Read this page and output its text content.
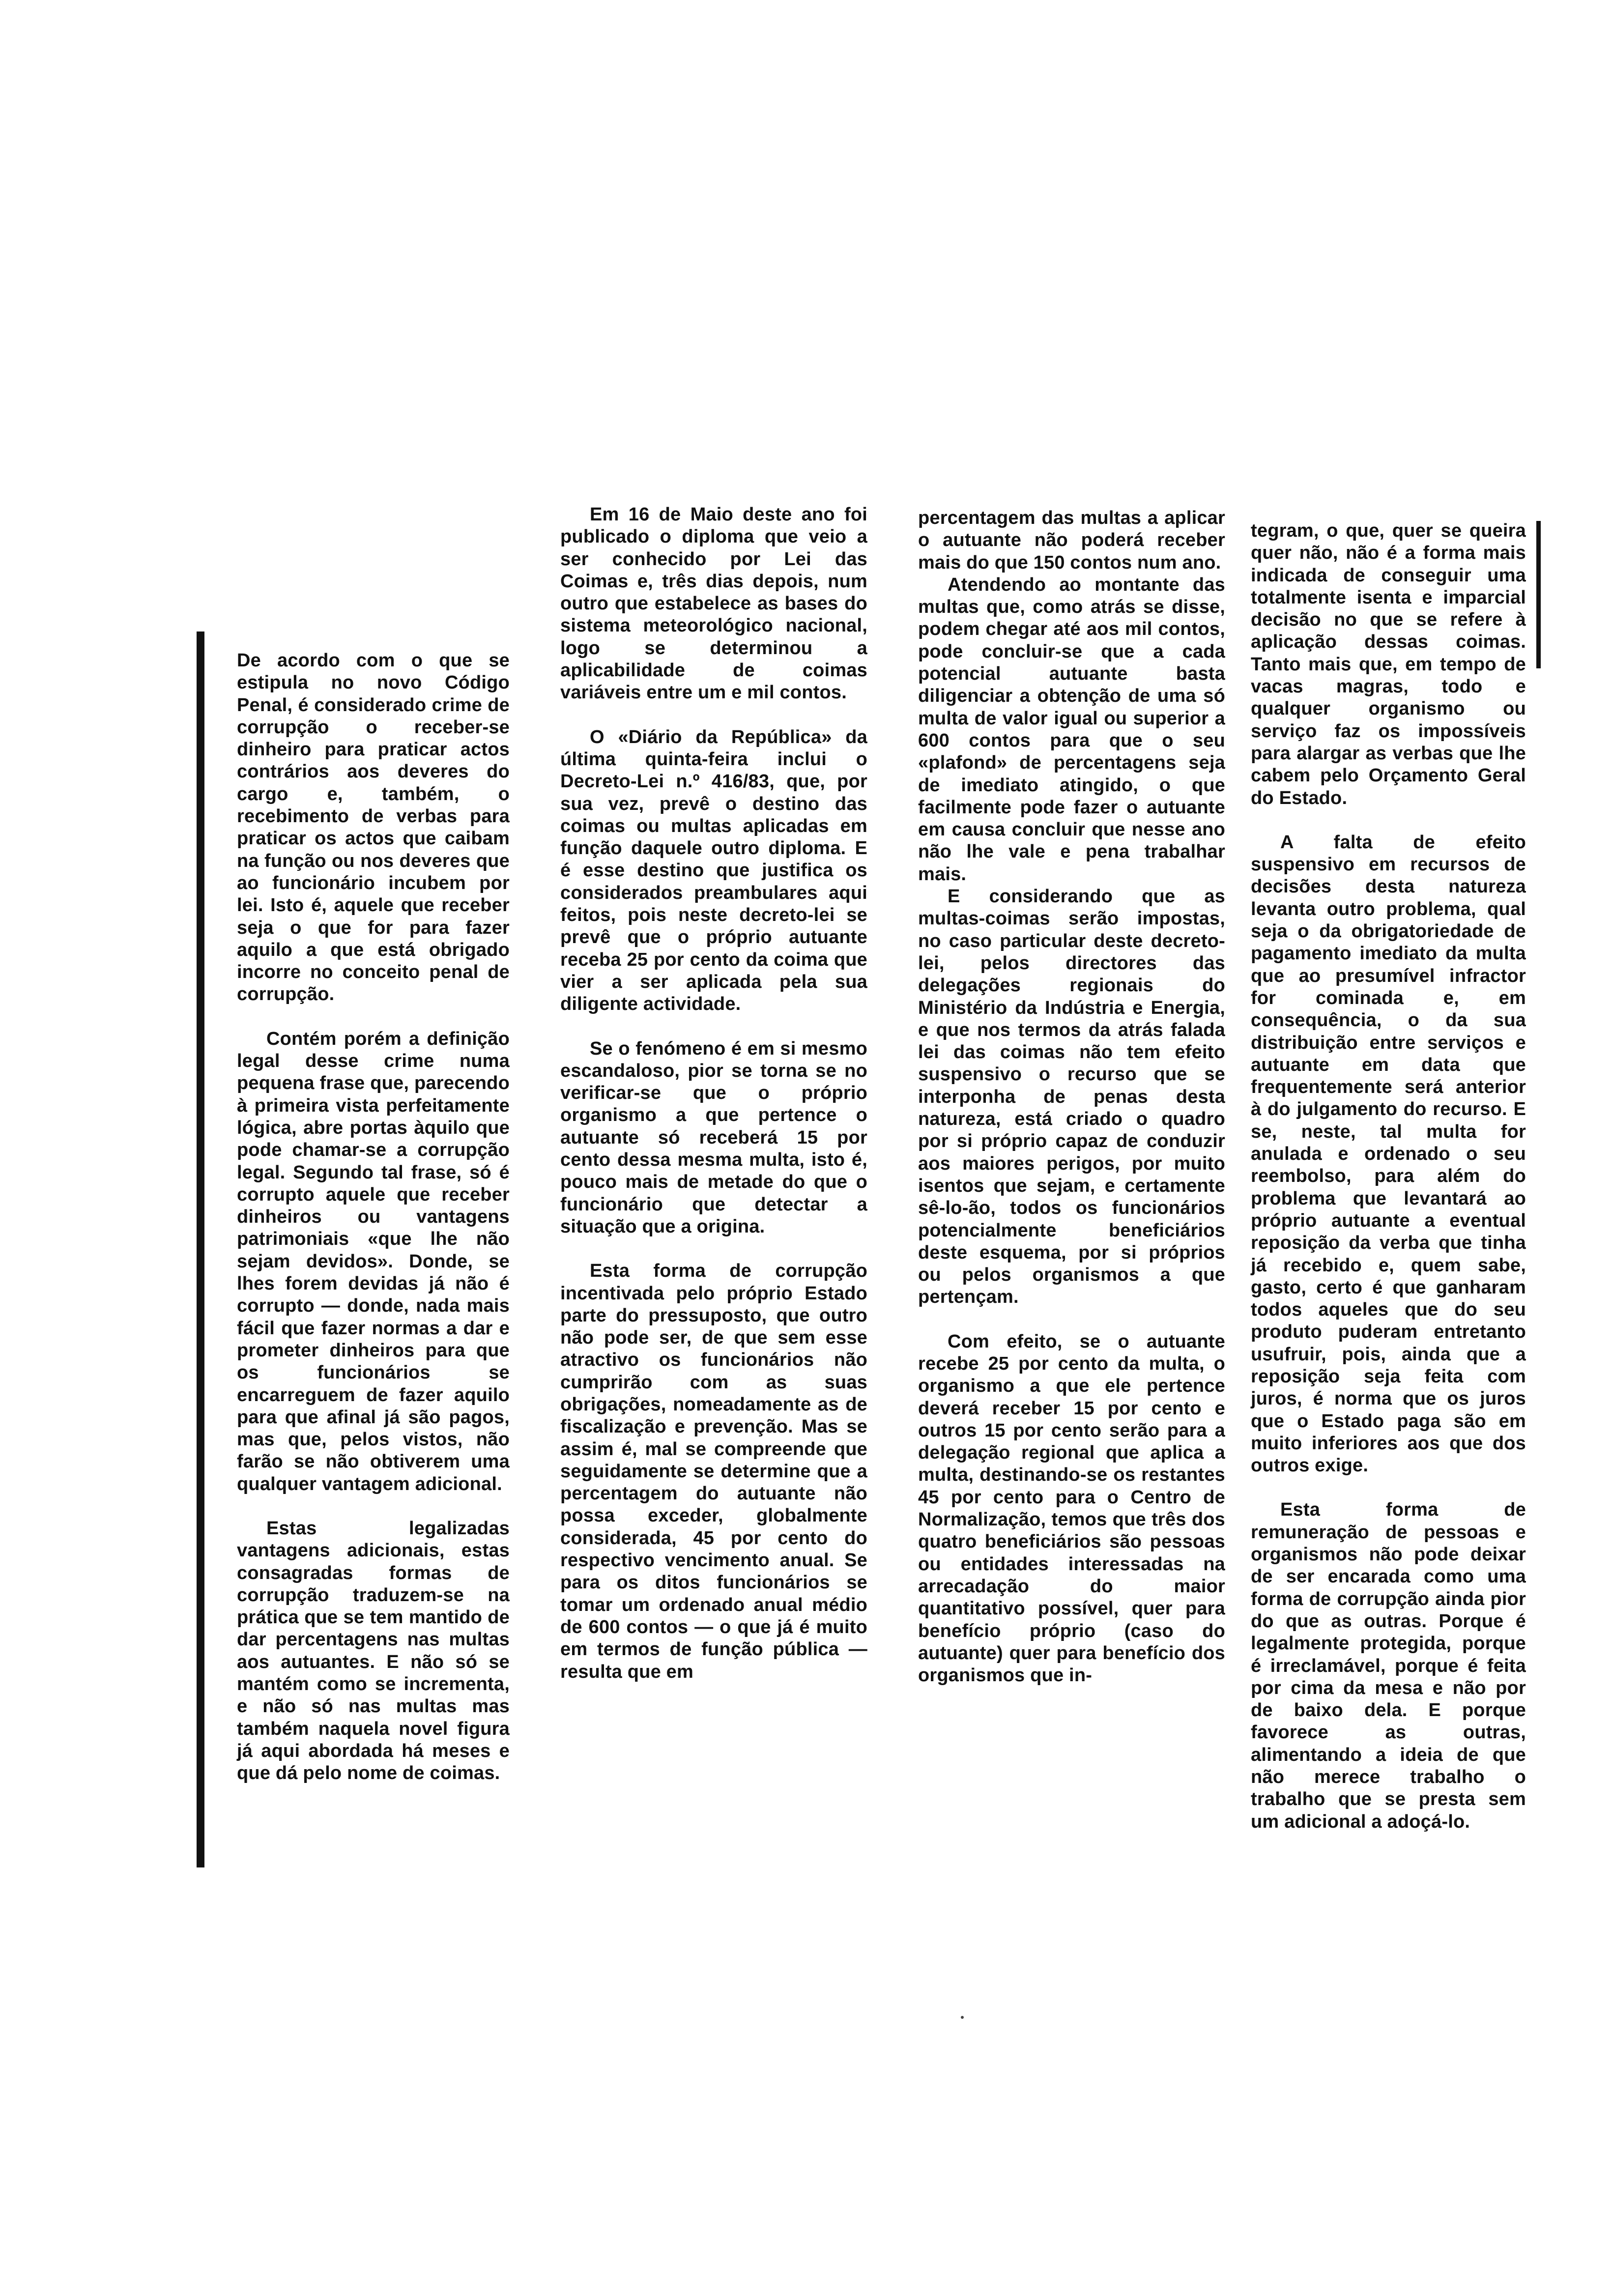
De acordo com o que se estipula no novo Código Penal, é considerado crime de corrupção o receber-se dinheiro para praticar actos contrários aos deveres do cargo e, também, o recebimento de verbas para praticar os actos que caibam na função ou nos deveres que ao funcionário incubem por lei. Isto é, aquele que receber seja o que for para fazer aquilo a que está obrigado incorre no conceito penal de corrupção.

Contém porém a definição legal desse crime numa pequena frase que, parecendo à primeira vista perfeitamente lógica, abre portas àquilo que pode chamar-se a corrupção legal. Segundo tal frase, só é corrupto aquele que receber dinheiros ou vantagens patrimoniais «que lhe não sejam devidos». Donde, se lhes forem devidas já não é corrupto — donde, nada mais fácil que fazer normas a dar e prometer dinheiros para que os funcionários se encarreguem de fazer aquilo para que afinal já são pagos, mas que, pelos vistos, não farão se não obtiverem uma qualquer vantagem adicional.

Estas legalizadas vantagens adicionais, estas consagradas formas de corrupção traduzem-se na prática que se tem mantido de dar percentagens nas multas aos autuantes. E não só se mantém como se incrementa, e não só nas multas mas também naquela novel figura já aqui abordada há meses e que dá pelo nome de coimas.

Em 16 de Maio deste ano foi publicado o diploma que veio a ser conhecido por Lei das Coimas e, três dias depois, num outro que estabelece as bases do sistema meteorológico nacional, logo se determinou a aplicabilidade de coimas variáveis entre um e mil contos.

O «Diário da República» da última quinta-feira inclui o Decreto-Lei n.º 416/83, que, por sua vez, prevê o destino das coimas ou multas aplicadas em função daquele outro diploma. E é esse destino que justifica os considerados preambulares aqui feitos, pois neste decreto-lei se prevê que o próprio autuante receba 25 por cento da coima que vier a ser aplicada pela sua diligente actividade.

Se o fenómeno é em si mesmo escandaloso, pior se torna se no verificar-se que o próprio organismo a que pertence o autuante só receberá 15 por cento dessa mesma multa, isto é, pouco mais de metade do que o funcionário que detectar a situação que a origina.

Esta forma de corrupção incentivada pelo próprio Estado parte do pressuposto, que outro não pode ser, de que sem esse atractivo os funcionários não cumprirão com as suas obrigações, nomeadamente as de fiscalização e prevenção. Mas se assim é, mal se compreende que seguidamente se determine que a percentagem do autuante não possa exceder, globalmente considerada, 45 por cento do respectivo vencimento anual. Se para os ditos funcionários se tomar um ordenado anual médio de 600 contos — o que já é muito em termos de função pública — resulta que em

percentagem das multas a aplicar o autuante não poderá receber mais do que 150 contos num ano.

Atendendo ao montante das multas que, como atrás se disse, podem chegar até aos mil contos, pode concluir-se que a cada potencial autuante basta diligenciar a obtenção de uma só multa de valor igual ou superior a 600 contos para que o seu «plafond» de percentagens seja de imediato atingido, o que facilmente pode fazer o autuante em causa concluir que nesse ano não lhe vale e pena trabalhar mais.

E considerando que as multas-coimas serão impostas, no caso particular deste decreto-lei, pelos directores das delegações regionais do Ministério da Indústria e Energia, e que nos termos da atrás falada lei das coimas não tem efeito suspensivo o recurso que se interponha de penas desta natureza, está criado o quadro por si próprio capaz de conduzir aos maiores perigos, por muito isentos que sejam, e certamente sê-lo-ão, todos os funcionários potencialmente beneficiários deste esquema, por si próprios ou pelos organismos a que pertençam.

Com efeito, se o autuante recebe 25 por cento da multa, o organismo a que ele pertence deverá receber 15 por cento e outros 15 por cento serão para a delegação regional que aplica a multa, destinando-se os restantes 45 por cento para o Centro de Normalização, temos que três dos quatro beneficiários são pessoas ou entidades interessadas na arrecadação do maior quantitativo possível, quer para benefício próprio (caso do autuante) quer para benefício dos organismos que in-

tegram, o que, quer se queira quer não, não é a forma mais indicada de conseguir uma totalmente isenta e imparcial decisão no que se refere à aplicação dessas coimas. Tanto mais que, em tempo de vacas magras, todo e qualquer organismo ou serviço faz os impossíveis para alargar as verbas que lhe cabem pelo Orçamento Geral do Estado.

A falta de efeito suspensivo em recursos de decisões desta natureza levanta outro problema, qual seja o da obrigatoriedade de pagamento imediato da multa que ao presumível infractor for cominada e, em consequência, o da sua distribuição entre serviços e autuante em data que frequentemente será anterior à do julgamento do recurso. E se, neste, tal multa for anulada e ordenado o seu reembolso, para além do problema que levantará ao próprio autuante a eventual reposição da verba que tinha já recebido e, quem sabe, gasto, certo é que ganharam todos aqueles que do seu produto puderam entretanto usufruir, pois, ainda que a reposição seja feita com juros, é norma que os juros que o Estado paga são em muito inferiores aos que dos outros exige.

Esta forma de remuneração de pessoas e organismos não pode deixar de ser encarada como uma forma de corrupção ainda pior do que as outras. Porque é legalmente protegida, porque é irreclamável, porque é feita por cima da mesa e não por de baixo dela. E porque favorece as outras, alimentando a ideia de que não merece trabalho o trabalho que se presta sem um adicional a adoçá-lo.
